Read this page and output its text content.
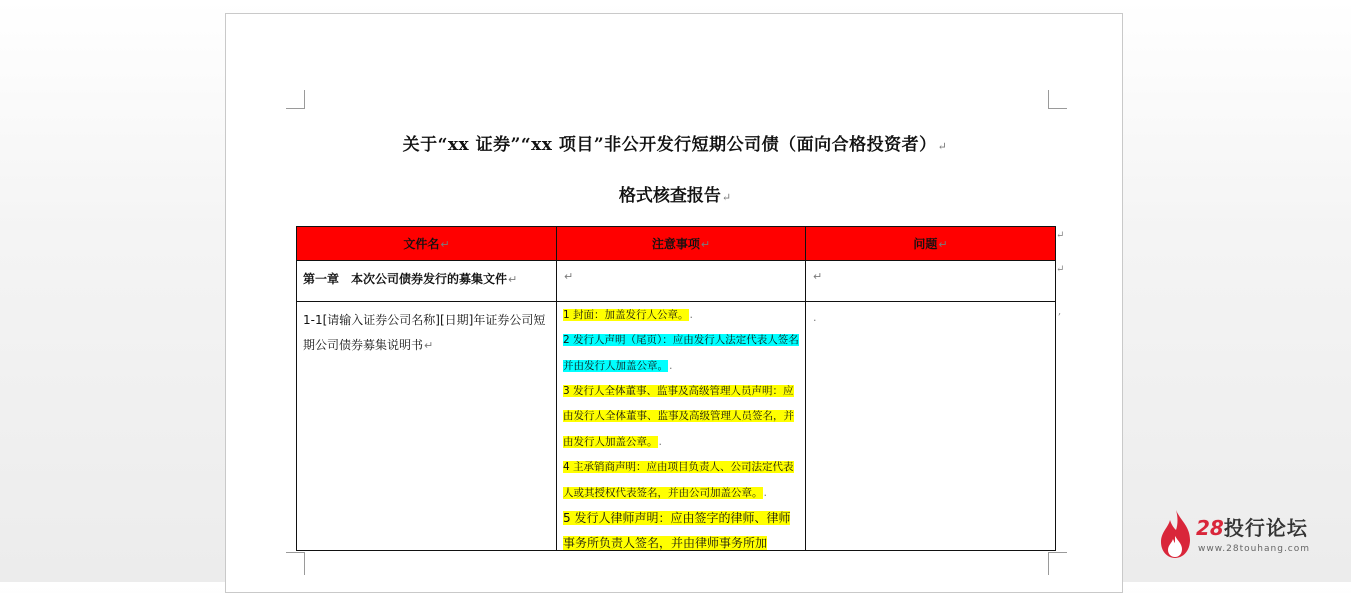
关于“xx 证券”“xx 项目”非公开发行短期公司债（面向合格投资者）↵
格式核查报告↵
文件名↵	注意事项↵	问题↵

第一章　本次公司债券发行的募集文件↵	↵	↵

1-1[请输入证券公司名称][日期]年证券公司短期公司债券募集说明书↵	1 封面：加盖发行人公章。.
2 发行人声明（尾页）：应由发行人法定代表人签名并由发行人加盖公章。.
3 发行人全体董事、监事及高级管理人员声明：应由发行人全体董事、监事及高级管理人员签名，并由发行人加盖公章。.
4 主承销商声明：应由项目负责人、公司法定代表人或其授权代表签名，并由公司加盖公章。.
5 发行人律师声明：应由签字的律师、律师事务所负责人签名，并由律师事务所加	.
↵
↵
,
28投行论坛
www.28touhang.com
